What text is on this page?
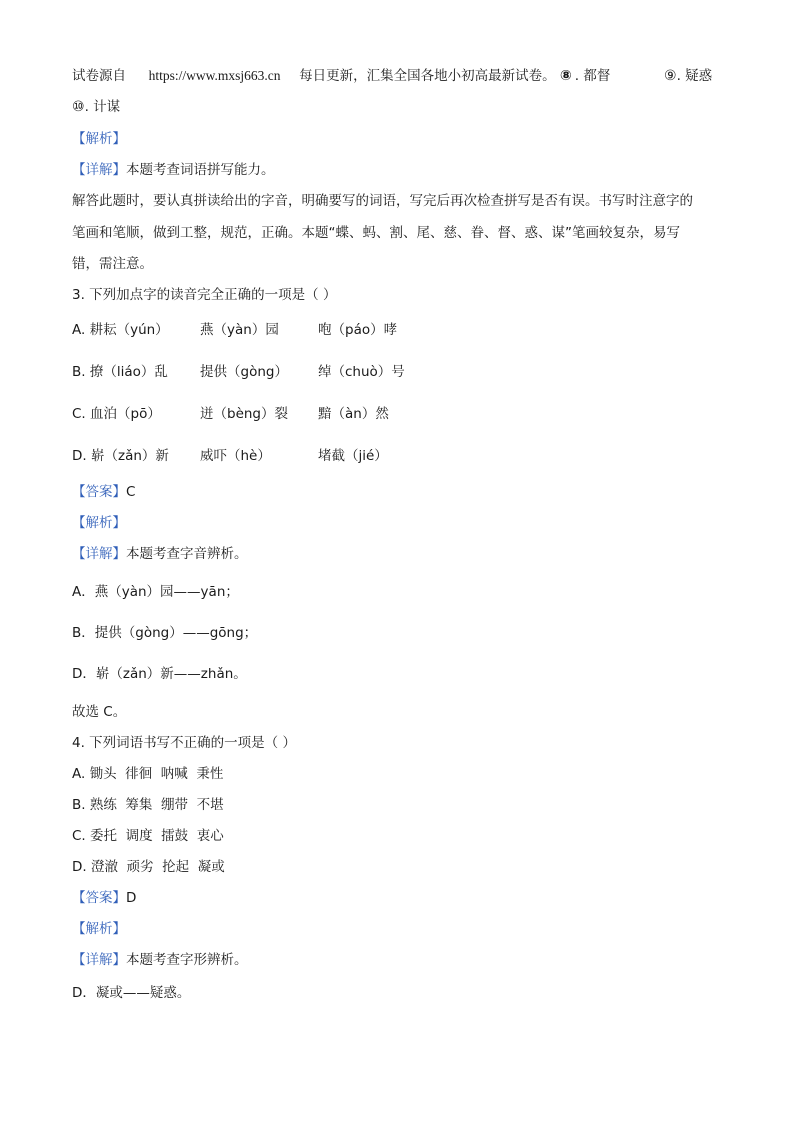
试卷源自 https://www.mxsj663.cn 每日更新，汇集全国各地小初高最新试卷。 ⑧ . 都督	⑨. 疑惑
⑩. 计谋
【解析】
【详解】本题考查词语拼写能力。
解答此题时，要认真拼读给出的字音，明确要写的词语，写完后再次检查拼写是否有误。书写时注意字的
笔画和笔顺，做到工整，规范，正确。本题“蝶、蚂、割、尾、慈、眷、督、惑、谋”笔画较复杂，易写
错，需注意。
3. 下列加点字的读音完全正确的一项是（ ）
A. 耕耘（yún） 燕（yàn）园	咆（páo）哮
B. 撩（liáo）乱 提供（gòng） 绰（chuò）号
C. 血泊（pō）	迸（bèng）裂 黯（àn）然
D. 崭（zǎn）新 威吓（hè）	堵截（jié）
【答案】C
【解析】
【详解】本题考查字音辨析。
A．燕（yàn）园——yān；
B．提供（gòng）——gōng；
D．崭（zǎn）新——zhǎn。
故选 C。
4. 下列词语书写不正确的一项是（ ）
A. 锄头  徘徊  呐喊  秉性
B. 熟练  筹集  绷带  不堪
C. 委托  调度  擂鼓  衷心
D. 澄澈  顽劣  抡起  凝或
【答案】D
【解析】
【详解】本题考查字形辨析。
D．凝或——疑惑。
